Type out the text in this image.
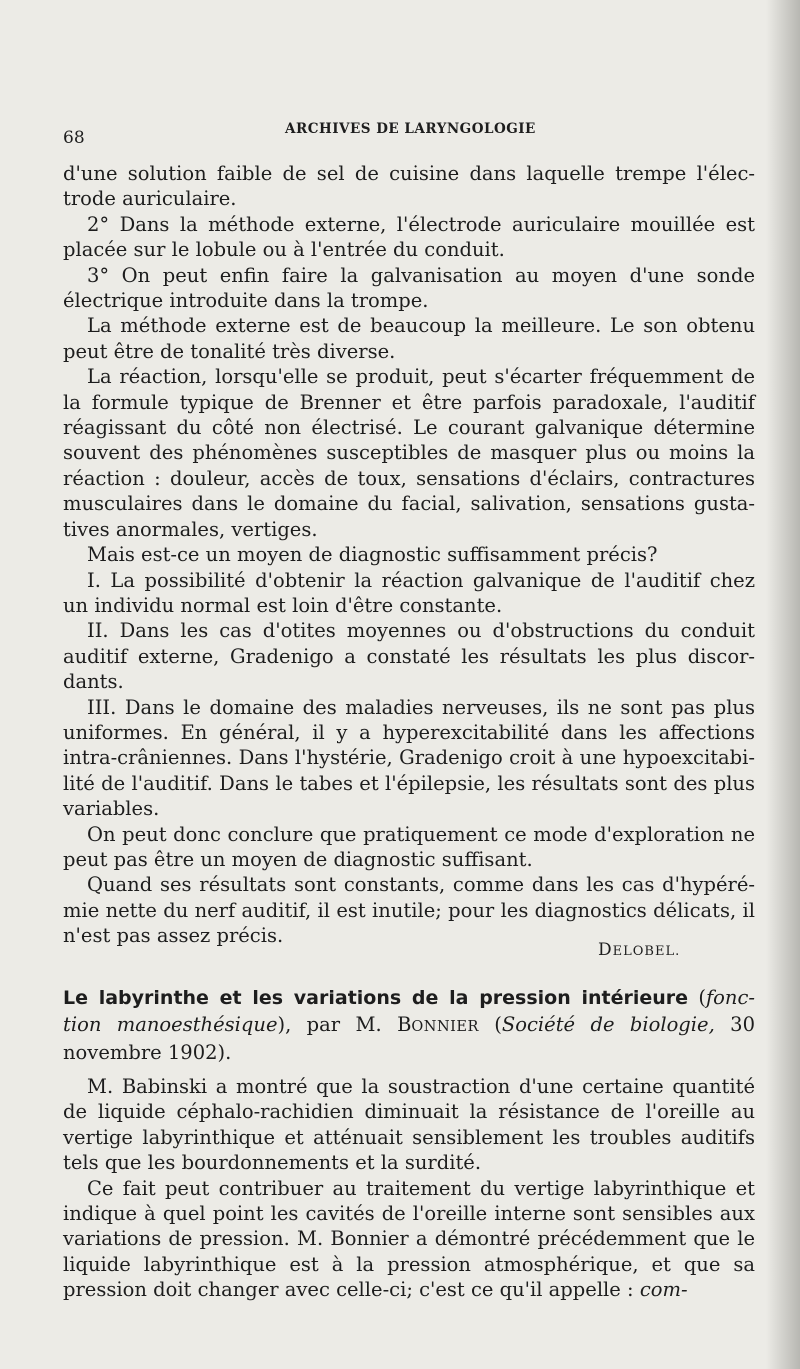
68	ARCHIVES DE LARYNGOLOGIE

d'une solution faible de sel de cuisine dans laquelle trempe l'élec-trode auriculaire.

2° Dans la méthode externe, l'électrode auriculaire mouillée est placée sur le lobule ou à l'entrée du conduit.

3° On peut enfin faire la galvanisation au moyen d'une sonde électrique introduite dans la trompe.

La méthode externe est de beaucoup la meilleure. Le son obtenu peut être de tonalité très diverse.

La réaction, lorsqu'elle se produit, peut s'écarter fréquemment de la formule typique de Brenner et être parfois paradoxale, l'auditif réagissant du côté non électrisé. Le courant galvanique détermine souvent des phénomènes susceptibles de masquer plus ou moins la réaction : douleur, accès de toux, sensations d'éclairs, contractures musculaires dans le domaine du facial, salivation, sensations gusta-tives anormales, vertiges.

Mais est-ce un moyen de diagnostic suffisamment précis?

I. La possibilité d'obtenir la réaction galvanique de l'auditif chez un individu normal est loin d'être constante.

II. Dans les cas d'otites moyennes ou d'obstructions du conduit auditif externe, Gradenigo a constaté les résultats les plus discor-dants.

III. Dans le domaine des maladies nerveuses, ils ne sont pas plus uniformes. En général, il y a hyperexcitabilité dans les affections intra-crâniennes. Dans l'hystérie, Gradenigo croit à une hypoexcitabi-lité de l'auditif. Dans le tabes et l'épilepsie, les résultats sont des plus variables.

On peut donc conclure que pratiquement ce mode d'exploration ne peut pas être un moyen de diagnostic suffisant.

Quand ses résultats sont constants, comme dans les cas d'hypéré-mie nette du nerf auditif, il est inutile; pour les diagnostics délicats, il n'est pas assez précis.

DELOBEL.
Le labyrinthe et les variations de la pression intérieure (fonc-tion manoesthésique), par M. BONNIER (Société de biologie, 30 novembre 1902).

M. Babinski a montré que la soustraction d'une certaine quantité de liquide céphalo-rachidien diminuait la résistance de l'oreille au vertige labyrinthique et atténuait sensiblement les troubles auditifs tels que les bourdonnements et la surdité.

Ce fait peut contribuer au traitement du vertige labyrinthique et indique à quel point les cavités de l'oreille interne sont sensibles aux variations de pression. M. Bonnier a démontré précédemment que le liquide labyrinthique est à la pression atmosphérique, et que sa pression doit changer avec celle-ci; c'est ce qu'il appelle : com-
